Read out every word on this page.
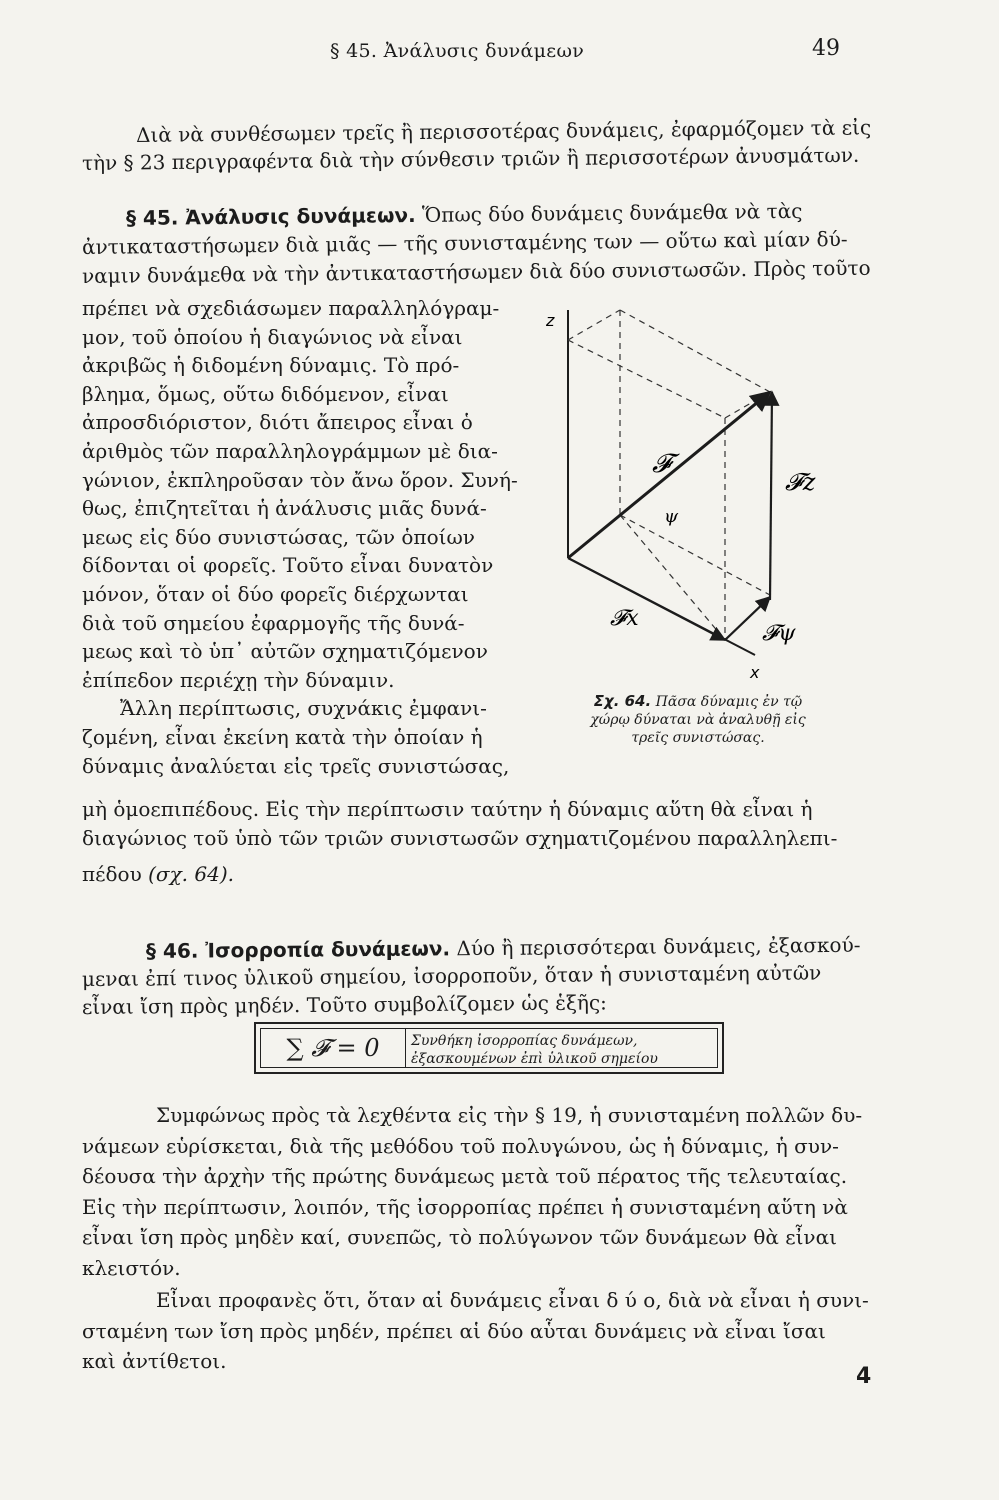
§ 45. Ἀνάλυσις δυνάμεων	49
Διὰ νὰ συνθέσωμεν τρεῖς ἢ περισσοτέρας δυνάμεις, ἐφαρμόζομεν τὰ εἰς
τὴν § 23 περιγραφέντα διὰ τὴν σύνθεσιν τριῶν ἢ περισσοτέρων ἀνυσμάτων.
§ 45. Ἀνάλυσις δυνάμεων. Ὅπως δύο δυνάμεις δυνάμεθα νὰ τὰς
ἀντικαταστήσωμεν διὰ μιᾶς — τῆς συνισταμένης των — οὕτω καὶ μίαν δύ-
ναμιν δυνάμεθα νὰ τὴν ἀντικαταστήσωμεν διὰ δύο συνιστωσῶν. Πρὸς τοῦτο
πρέπει νὰ σχεδιάσωμεν παραλληλόγραμ-
μον, τοῦ ὁποίου ἡ διαγώνιος νὰ εἶναι
ἀκριβῶς ἡ διδομένη δύναμις. Τὸ πρό-
βλημα, ὅμως, οὕτω διδόμενον, εἶναι
ἀπροσδιόριστον, διότι ἄπειρος εἶναι ὁ
ἀριθμὸς τῶν παραλληλογράμμων μὲ δια-
γώνιον, ἐκπληροῦσαν τὸν ἄνω ὅρον. Συνή-
θως, ἐπιζητεῖται ἡ ἀνάλυσις μιᾶς δυνά-
μεως εἰς δύο συνιστώσας, τῶν ὁποίων
δίδονται οἱ φορεῖς. Τοῦτο εἶναι δυνατὸν
μόνον, ὅταν οἱ δύο φορεῖς διέρχωνται
διὰ τοῦ σημείου ἐφαρμογῆς τῆς δυνά-
μεως καὶ τὸ ὑπ᾽ αὐτῶν σχηματιζόμενον
ἐπίπεδον περιέχῃ τὴν δύναμιν.
Ἄλλη περίπτωσις, συχνάκις ἐμφανι-
ζομένη, εἶναι ἐκείνη κατὰ τὴν ὁποίαν ἡ
δύναμις ἀναλύεται εἰς τρεῖς συνιστώσας,
μὴ ὁμοεπιπέδους. Εἰς τὴν περίπτωσιν ταύτην ἡ δύναμις αὕτη θὰ εἶναι ἡ
διαγώνιος τοῦ ὑπὸ τῶν τριῶν συνιστωσῶν σχηματιζομένου παραλληλεπι-
πέδου (σχ. 64).
z
x
𝓕
𝓕z
𝓕x
𝓕ψ
ψ
Σχ. 64. Πᾶσα δύναμις ἐν τῷ
χώρῳ δύναται νὰ ἀναλυθῇ εἰς
τρεῖς συνιστώσας.
§ 46. Ἰσορροπία δυνάμεων. Δύο ἢ περισσότεραι δυνάμεις, ἐξασκού-
μεναι ἐπί τινος ὑλικοῦ σημείου, ἰσορροποῦν, ὅταν ἡ συνισταμένη αὐτῶν
εἶναι ἴση πρὸς μηδέν. Τοῦτο συμβολίζομεν ὡς ἑξῆς:
∑ 𝓕 = 0	Συνθήκη ἰσορροπίας δυνάμεων,
ἐξασκουμένων ἐπὶ ὑλικοῦ σημείου
Συμφώνως πρὸς τὰ λεχθέντα εἰς τὴν § 19, ἡ συνισταμένη πολλῶν δυ-
νάμεων εὑρίσκεται, διὰ τῆς μεθόδου τοῦ πολυγώνου, ὡς ἡ δύναμις, ἡ συν-
δέουσα τὴν ἀρχὴν τῆς πρώτης δυνάμεως μετὰ τοῦ πέρατος τῆς τελευταίας.
Εἰς τὴν περίπτωσιν, λοιπόν, τῆς ἰσορροπίας πρέπει ἡ συνισταμένη αὕτη νὰ
εἶναι ἴση πρὸς μηδὲν καί, συνεπῶς, τὸ πολύγωνον τῶν δυνάμεων θὰ εἶναι
κλειστόν.
Εἶναι προφανὲς ὅτι, ὅταν αἱ δυνάμεις εἶναι δ ύ ο, διὰ νὰ εἶναι ἡ συνι-
σταμένη των ἴση πρὸς μηδέν, πρέπει αἱ δύο αὗται δυνάμεις νὰ εἶναι ἴσαι
καὶ ἀντίθετοι.
4
